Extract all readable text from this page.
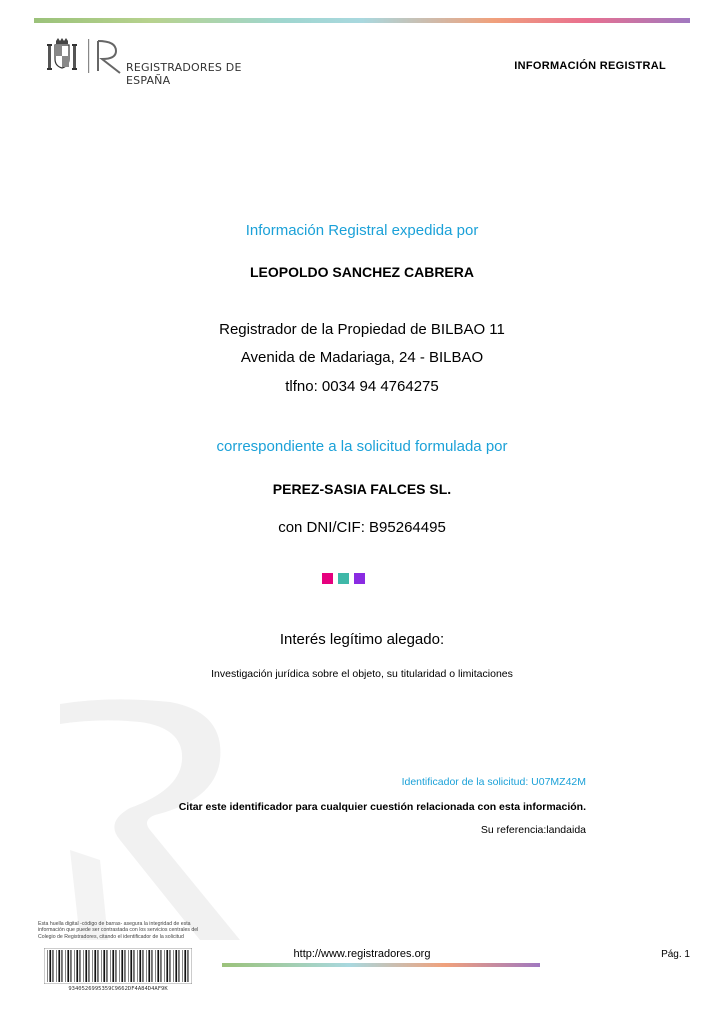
REGISTRADORES DE ESPAÑA
INFORMACIÓN REGISTRAL
Información Registral expedida por
LEOPOLDO SANCHEZ CABRERA
Registrador de la Propiedad de BILBAO 11
Avenida de Madariaga, 24 - BILBAO
tlfno: 0034 94 4764275
correspondiente a la solicitud formulada por
PEREZ-SASIA FALCES SL.
con DNI/CIF: B95264495
Interés legítimo alegado:
Investigación jurídica sobre el objeto, su titularidad o limitaciones
Identificador de la solicitud: U07MZ42M
Citar este identificador para cualquier cuestión relacionada con esta información.
Su referencia:landaida
Esta huella digital -código de barras- asegura la integridad de esta información que puede ser contrastada con los servicios centrales del Colegio de Registradores, citando el identificador de la solicitud
9340526995359C9662DF4A84D4AF9K
http://www.registradores.org	Pág. 1
